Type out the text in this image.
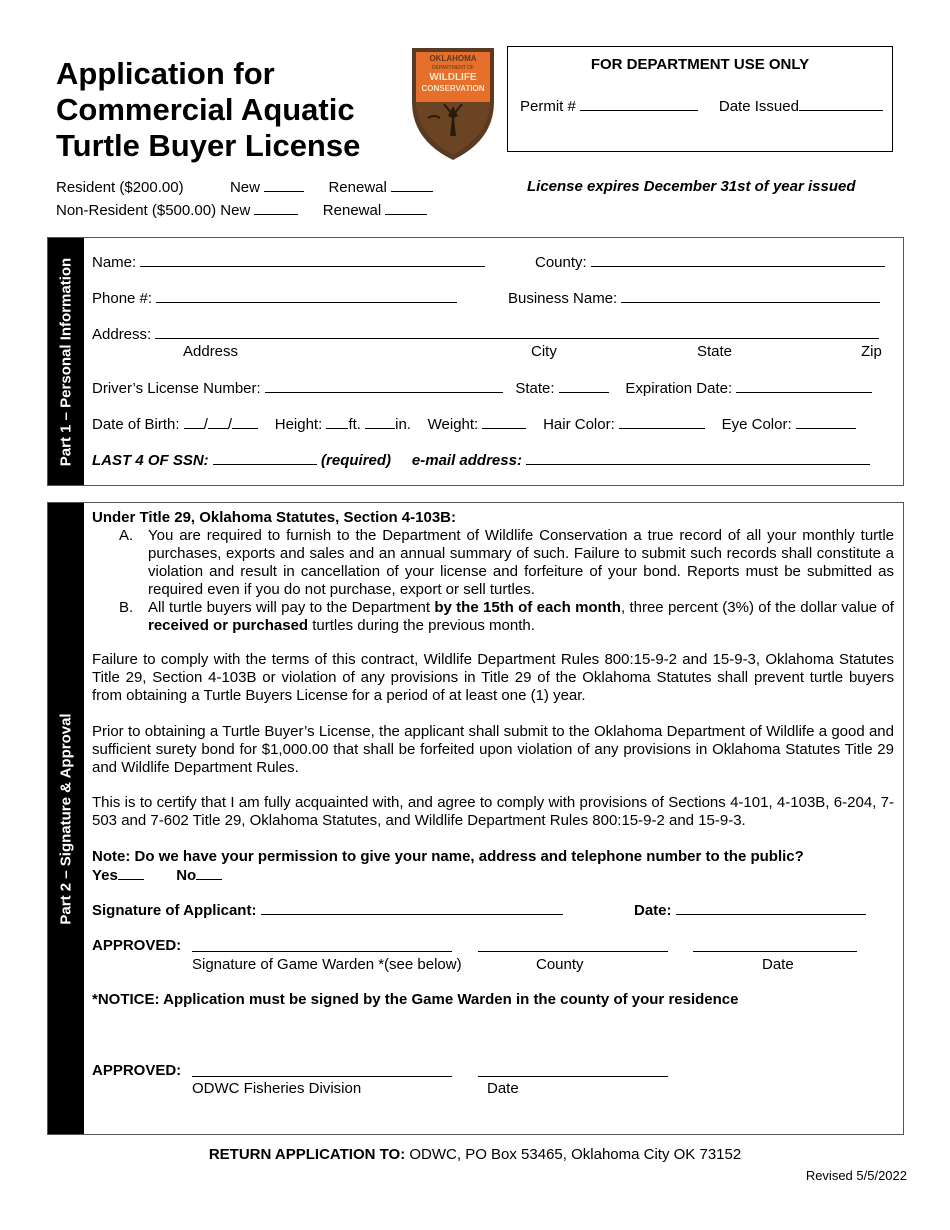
Application for
Commercial Aquatic
Turtle Buyer License
OKLAHOMA
DEPARTMENT OF
WILDLIFE
CONSERVATION
FOR DEPARTMENT USE ONLY
Permit #	Date Issued
Resident ($200.00)	New	Renewal
Non-Resident ($500.00) New	Renewal
License expires December 31st of year issued
Part 1 – Personal Information Name:	County:
Phone #:	Business Name:
Address:
Address	City	State	Zip
Driver’s License Number:	State:	Expiration Date:
Date of Birth: / /	Height: ft. in. Weight:	Hair Color:	Eye Color:
LAST 4 OF SSN:	(required) e-mail address:
Part 2 – Signature & Approval
Under Title 29, Oklahoma Statutes, Section 4-103B:
A. You are required to furnish to the Department of Wildlife Conservation a true record of all your monthly turtle purchases, exports and sales and an annual summary of such. Failure to submit such records shall constitute a violation and result in cancellation of your license and forfeiture of your bond. Reports must be submitted as required even if you do not purchase, export or sell turtles.
B. All turtle buyers will pay to the Department by the 15th of each month, three percent (3%) of the dollar value of received or purchased turtles during the previous month.
Failure to comply with the terms of this contract, Wildlife Department Rules 800:15-9-2 and 15-9-3, Oklahoma Statutes Title 29, Section 4-103B or violation of any provisions in Title 29 of the Oklahoma Statutes shall prevent turtle buyers from obtaining a Turtle Buyers License for a period of at least one (1) year.
Prior to obtaining a Turtle Buyer’s License, the applicant shall submit to the Oklahoma Department of Wildlife a good and sufficient surety bond for $1,000.00 that shall be forfeited upon violation of any provisions in Oklahoma Statutes Title 29 and Wildlife Department Rules.
This is to certify that I am fully acquainted with, and agree to comply with provisions of Sections 4-101, 4-103B, 6-204, 7- 503 and 7-602 Title 29, Oklahoma Statutes, and Wildlife Department Rules 800:15-9-2 and 15-9-3.
Note: Do we have your permission to give your name, address and telephone number to the public?
Yes	No
Signature of Applicant:	Date:
APPROVED:
Signature of Game Warden *(see below)	County	Date
*NOTICE: Application must be signed by the Game Warden in the county of your residence
APPROVED:
ODWC Fisheries Division	Date
RETURN APPLICATION TO: ODWC, PO Box 53465, Oklahoma City OK 73152
Revised 5/5/2022
